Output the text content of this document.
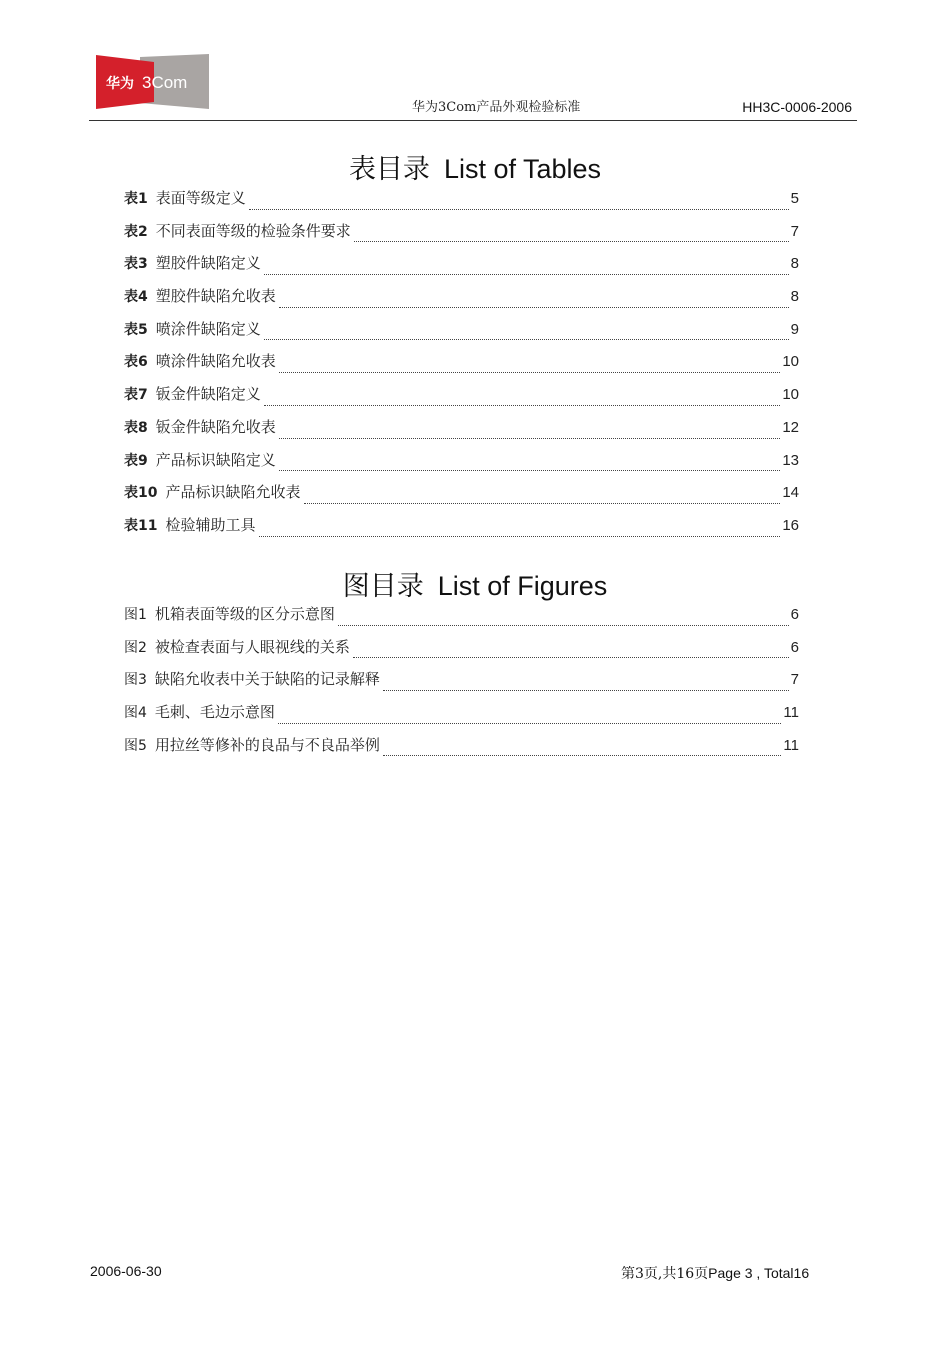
华为 3Com
华为3Com产品外观检验标准	HH3C-0006-2006
表目录 List of Tables
表1 表面等级定义	5
表2 不同表面等级的检验条件要求	7
表3 塑胶件缺陷定义	8
表4 塑胶件缺陷允收表	8
表5 喷涂件缺陷定义	9
表6 喷涂件缺陷允收表	10
表7 钣金件缺陷定义	10
表8 钣金件缺陷允收表	12
表9 产品标识缺陷定义	13
表10 产品标识缺陷允收表	14
表11 检验辅助工具	16
图目录 List of Figures
图1 机箱表面等级的区分示意图	6
图2 被检查表面与人眼视线的关系	6
图3 缺陷允收表中关于缺陷的记录解释	7
图4 毛刺、毛边示意图	11
图5 用拉丝等修补的良品与不良品举例	11
2006-06-30	第3页,共16页Page 3 , Total16
